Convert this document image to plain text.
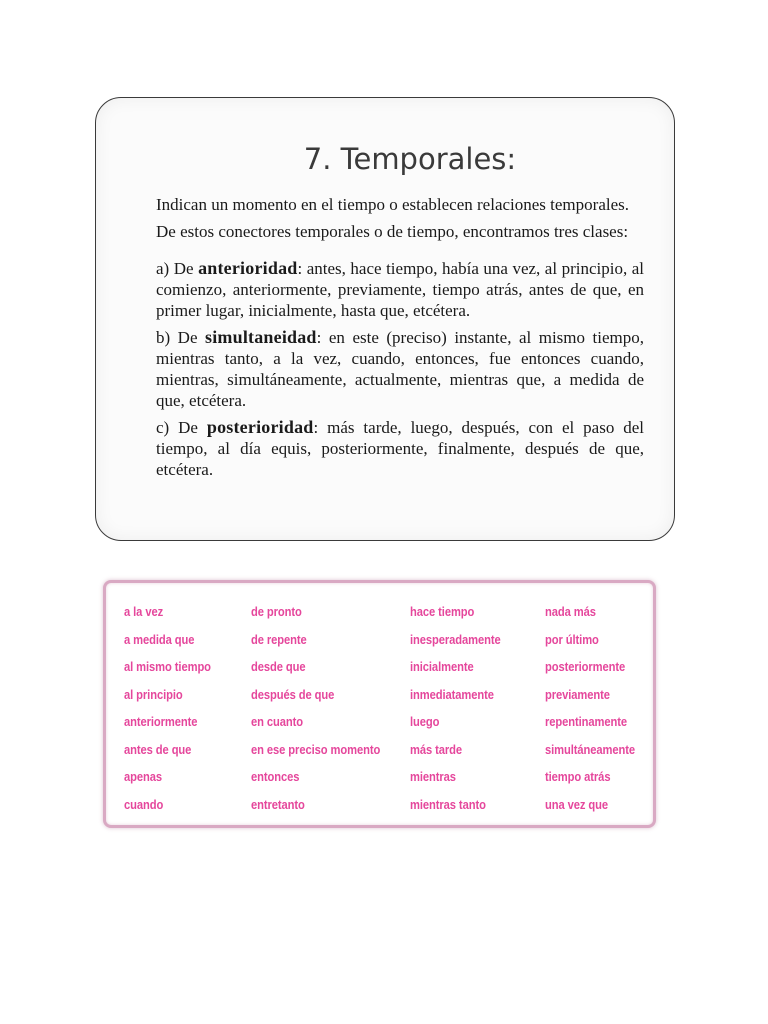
7. Temporales:

Indican un momento en el tiempo o establecen relaciones temporales.

De estos conectores temporales o de tiempo, encontramos tres clases:

a) De anterioridad: antes, hace tiempo, había una vez, al principio, al comienzo, anteriormente, previamente, tiempo atrás, antes de que, en primer lugar, inicialmente, hasta que, etcétera.

b) De simultaneidad: en este (preciso) instante, al mismo tiempo, mientras tanto, a la vez, cuando, entonces, fue entonces cuando, mientras, simultáneamente, actualmente, mientras que, a medida de que, etcétera.

c) De posterioridad: más tarde, luego, después, con el paso del tiempo, al día equis, posteriormente, finalmente, después de que, etcétera.

a la vez
a medida que
al mismo tiempo
al principio
anteriormente
antes de que
apenas
cuando
de pronto
de repente
desde que
después de que
en cuanto
en ese preciso momento
entonces
entretanto
hace tiempo
inesperadamente
inicialmente
inmediatamente
luego
más tarde
mientras
mientras tanto
nada más
por último
posteriormente
previamente
repentinamente
simultáneamente
tiempo atrás
una vez que
